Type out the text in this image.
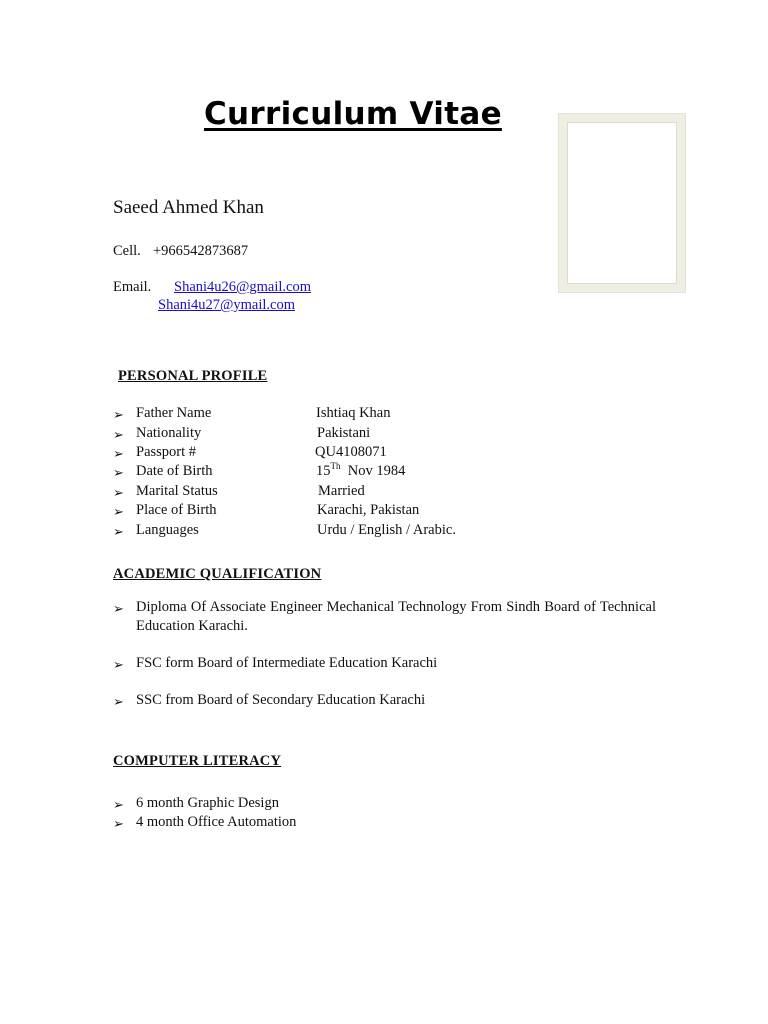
Curriculum Vitae
Saeed Ahmed Khan
Cell. +966542873687
Email. Shani4u26@gmail.com
Shani4u27@ymail.com
PERSONAL PROFILE
➢ Father Name	Ishtiaq Khan
➢ Nationality	Pakistani
➢ Passport #	QU4108071
➢ Date of Birth	15Th Nov 1984
➢ Marital Status	Married
➢ Place of Birth	Karachi, Pakistan
➢ Languages	Urdu / English / Arabic.
ACADEMIC QUALIFICATION
➢ Diploma Of Associate Engineer Mechanical Technology From Sindh Board of Technical Education Karachi.
➢ FSC form Board of Intermediate Education Karachi
➢ SSC from Board of Secondary Education Karachi
COMPUTER LITERACY
➢ 6 month Graphic Design
➢ 4 month Office Automation
